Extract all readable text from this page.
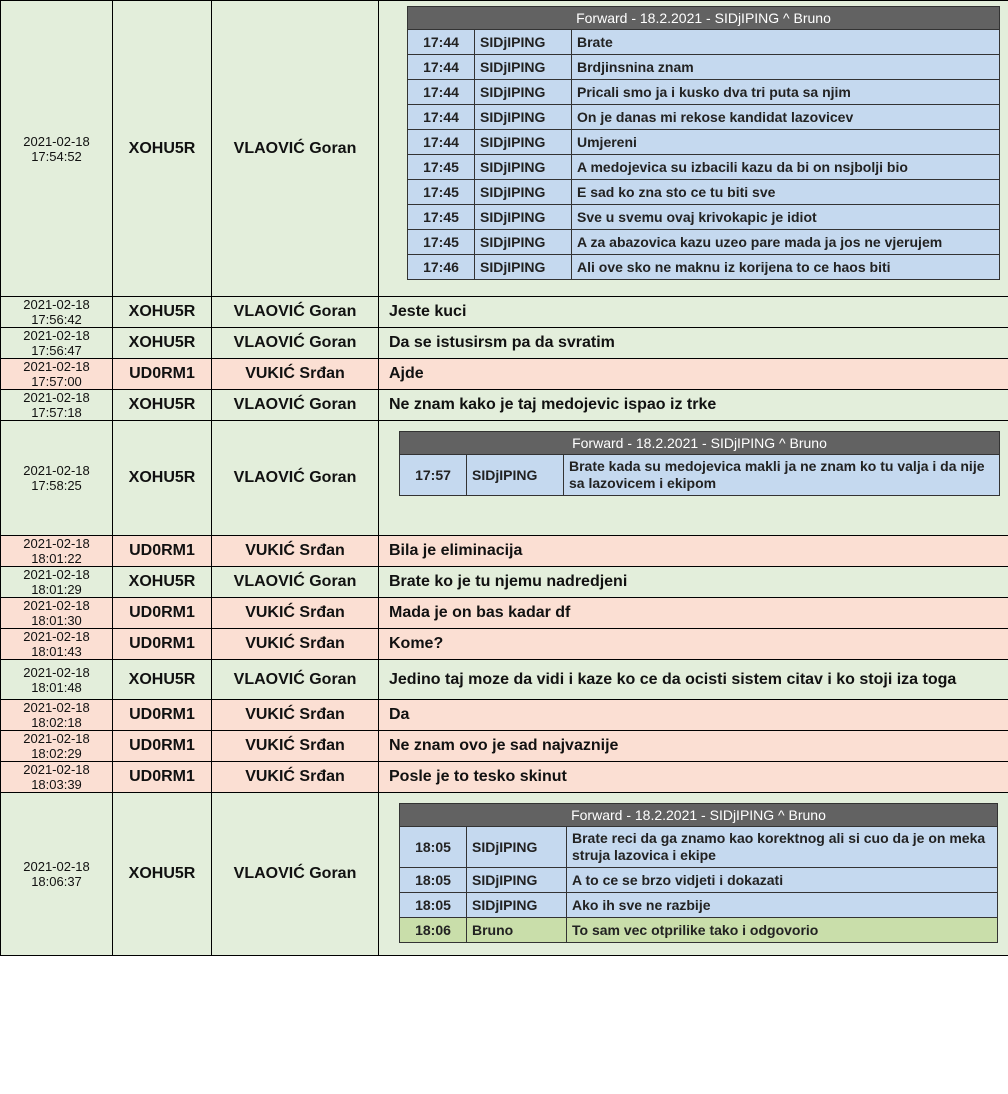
2021-02-18 17:54:52	XOHU5R	VLAOVIĆ Goran	
Forward - 18.2.2021 - SIDjIPING ^ Bruno
17:44	SIDjIPING	Brate
17:44	SIDjIPING	Brdjinsnina znam
17:44	SIDjIPING	Pricali smo ja i kusko dva tri puta sa njim
17:44	SIDjIPING	On je danas mi rekose kandidat lazovicev
17:44	SIDjIPING	Umjereni
17:45	SIDjIPING	A medojevica su izbacili kazu da bi on nsjbolji bio
17:45	SIDjIPING	E sad ko zna sto ce tu biti sve
17:45	SIDjIPING	Sve u svemu ovaj krivokapic je idiot
17:45	SIDjIPING	A za abazovica kazu uzeo pare mada ja jos ne vjerujem
17:46	SIDjIPING	Ali ove sko ne maknu iz korijena to ce haos biti

2021-02-18 17:56:42	XOHU5R	VLAOVIĆ Goran	Jeste kuci
2021-02-18 17:56:47	XOHU5R	VLAOVIĆ Goran	Da se istusirsm pa da svratim
2021-02-18 17:57:00	UD0RM1	VUKIĆ Srđan	Ajde
2021-02-18 17:57:18	XOHU5R	VLAOVIĆ Goran	Ne znam kako je taj medojevic ispao iz trke
2021-02-18 17:58:25	XOHU5R	VLAOVIĆ Goran	
Forward - 18.2.2021 - SIDjIPING ^ Bruno
17:57	SIDjIPING	Brate kada su medojevica makli ja ne znam ko tu valja i da nije sa lazovicem i ekipom

2021-02-18 18:01:22	UD0RM1	VUKIĆ Srđan	Bila je eliminacija
2021-02-18 18:01:29	XOHU5R	VLAOVIĆ Goran	Brate ko je tu njemu nadredjeni
2021-02-18 18:01:30	UD0RM1	VUKIĆ Srđan	Mada je on bas kadar df
2021-02-18 18:01:43	UD0RM1	VUKIĆ Srđan	Kome?
2021-02-18 18:01:48	XOHU5R	VLAOVIĆ Goran	Jedino taj moze da vidi i kaze ko ce da ocisti sistem citav i ko stoji iza toga
2021-02-18 18:02:18	UD0RM1	VUKIĆ Srđan	Da
2021-02-18 18:02:29	UD0RM1	VUKIĆ Srđan	Ne znam ovo je sad najvaznije
2021-02-18 18:03:39	UD0RM1	VUKIĆ Srđan	Posle je to tesko skinut
2021-02-18 18:06:37	XOHU5R	VLAOVIĆ Goran	
Forward - 18.2.2021 - SIDjIPING ^ Bruno
18:05	SIDjIPING	Brate reci da ga znamo kao korektnog ali si cuo da je on meka struja lazovica i ekipe
18:05	SIDjIPING	A to ce se brzo vidjeti i dokazati
18:05	SIDjIPING	Ako ih sve ne razbije
18:06	Bruno	To sam vec otprilike tako i odgovorio
